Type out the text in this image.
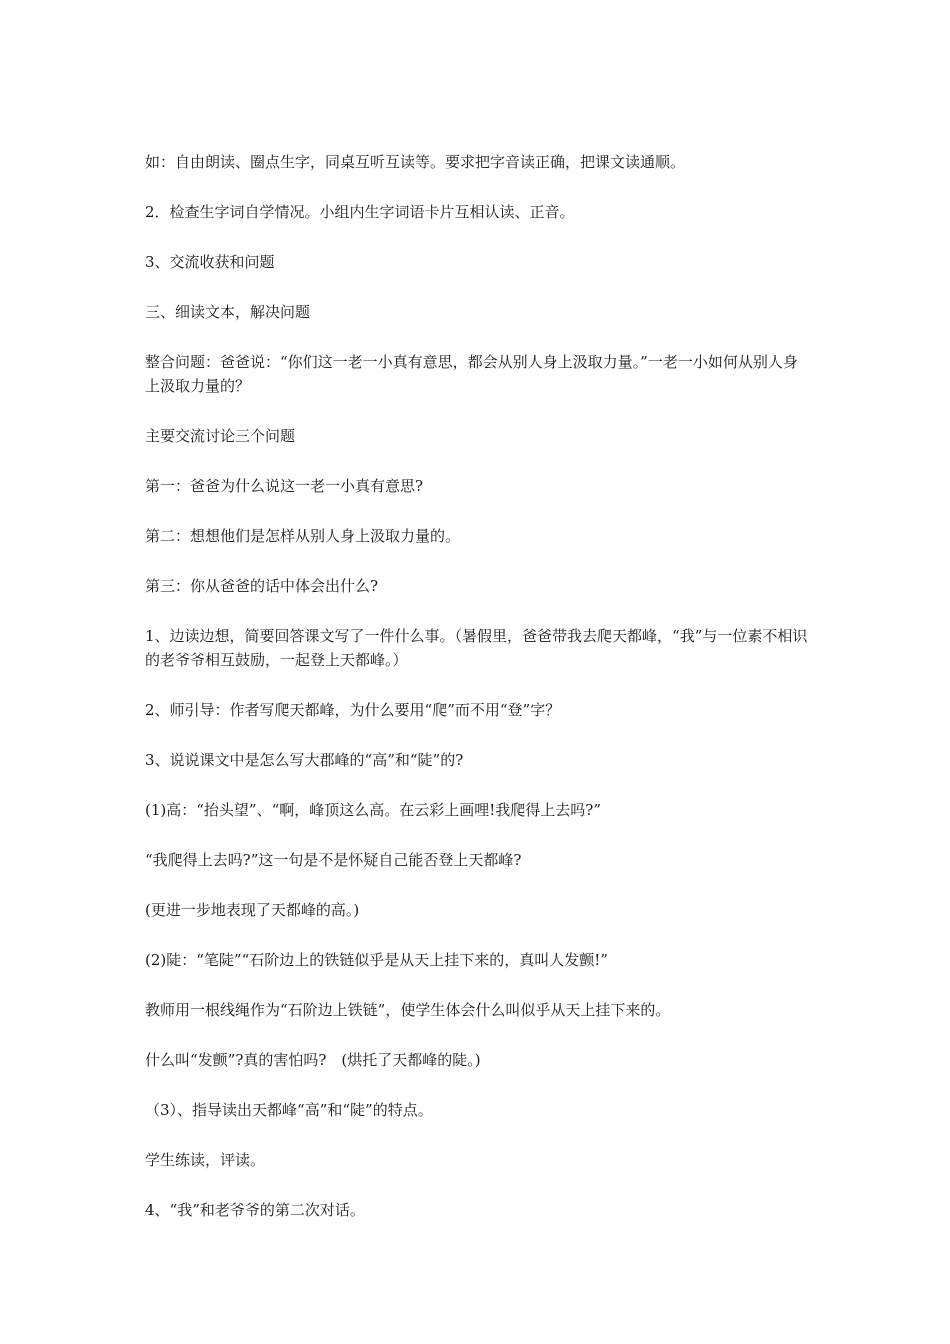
如：自由朗读、圈点生字，同桌互听互读等。要求把字音读正确，把课文读通顺。

2．检查生字词自学情况。小组内生字词语卡片互相认读、正音。

3、交流收获和问题

三、细读文本，解决问题

整合问题：爸爸说：“你们这一老一小真有意思，都会从别人身上汲取力量。”一老一小如何从别人身上汲取力量的？

主要交流讨论三个问题

第一：爸爸为什么说这一老一小真有意思?

第二：想想他们是怎样从别人身上汲取力量的。

第三：你从爸爸的话中体会出什么?

1、边读边想，简要回答课文写了一件什么事。（暑假里，爸爸带我去爬天都峰，“我”与一位素不相识的老爷爷相互鼓励，一起登上天都峰。）

2、师引导：作者写爬天都峰，为什么要用“爬”而不用“登”字？

3、说说课文中是怎么写大郡峰的“高”和“陡”的?

(1)高：“抬头望”、“啊，峰顶这么高。在云彩上画哩!我爬得上去吗?”

“我爬得上去吗?”这一句是不是怀疑自己能否登上天都峰?

(更进一步地表现了天都峰的高。)

(2)陡：“笔陡”“石阶边上的铁链似乎是从天上挂下来的，真叫人发颤!”

教师用一根线绳作为“石阶边上铁链”，使学生体会什么叫似乎从天上挂下来的。

什么叫“发颤”?真的害怕吗?　(烘托了天都峰的陡。)

（3）、指导读出天都峰“高”和“陡”的特点。

学生练读，评读。

4、“我”和老爷爷的第二次对话。
